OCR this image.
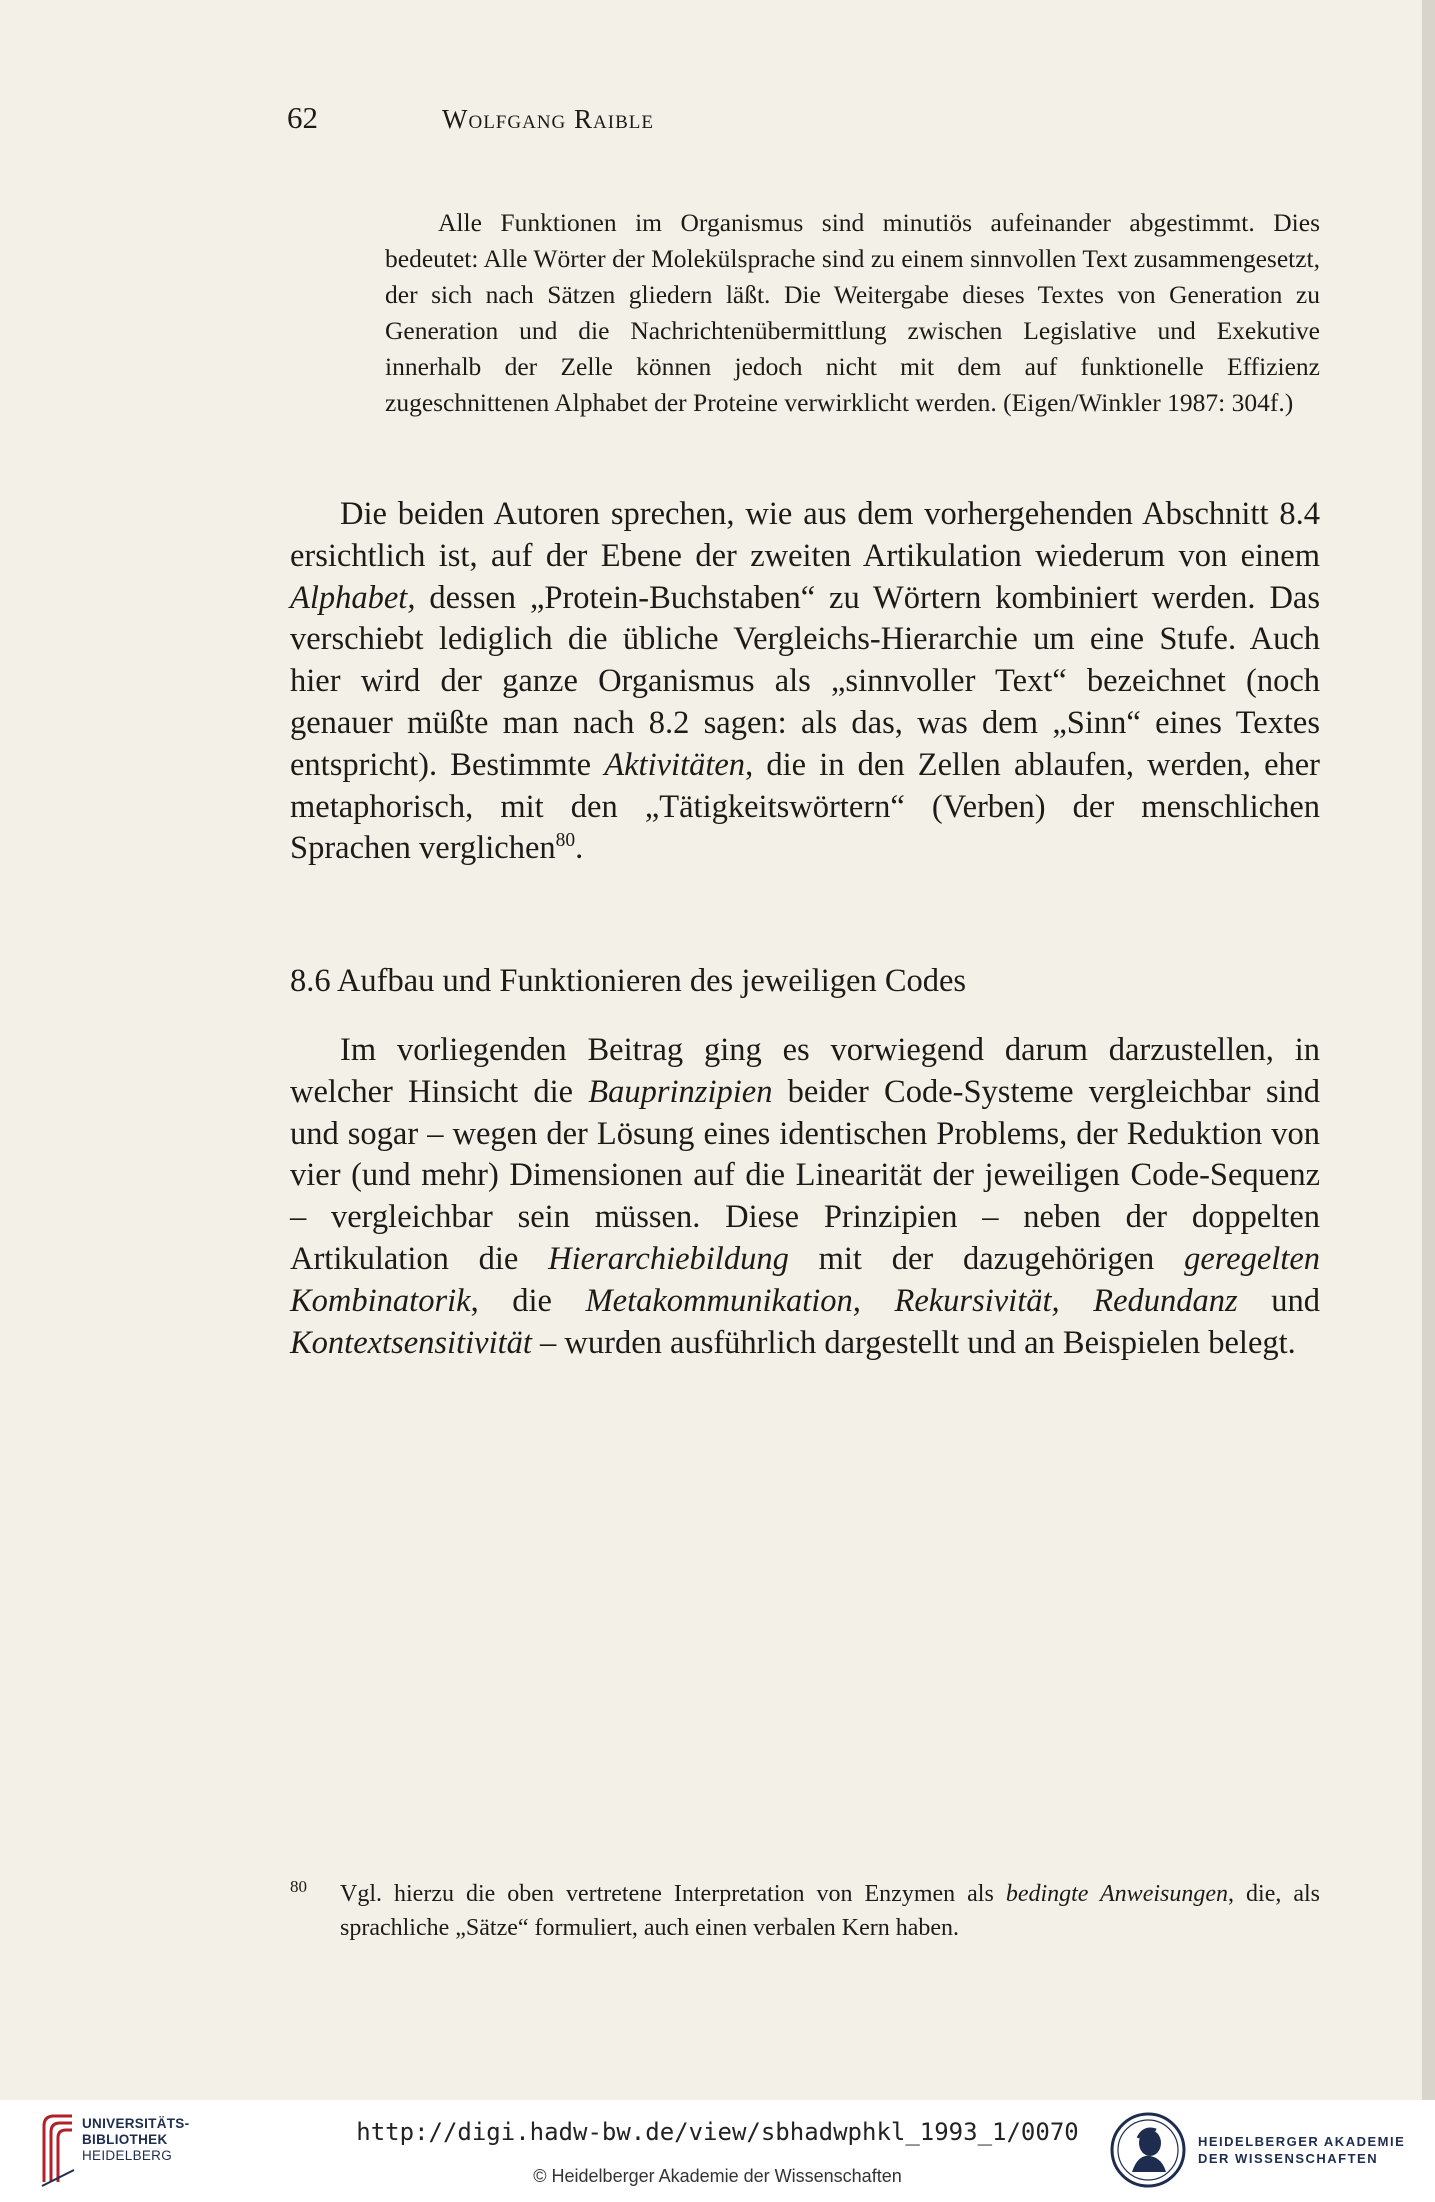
62	Wolfgang Raible
Alle Funktionen im Organismus sind minutiös aufeinander abgestimmt. Dies bedeutet: Alle Wörter der Molekülsprache sind zu einem sinnvollen Text zusammengesetzt, der sich nach Sätzen gliedern läßt. Die Weitergabe dieses Textes von Generation zu Generation und die Nachrichtenübermittlung zwischen Legislative und Exekutive innerhalb der Zelle können jedoch nicht mit dem auf funktionelle Effizienz zugeschnittenen Alphabet der Proteine verwirklicht werden. (Eigen/Winkler 1987: 304f.)
Die beiden Autoren sprechen, wie aus dem vorhergehenden Abschnitt 8.4 ersichtlich ist, auf der Ebene der zweiten Artikulation wiederum von einem Alphabet, dessen „Protein-Buchstaben“ zu Wörtern kombiniert werden. Das verschiebt lediglich die übliche Vergleichs-Hierarchie um eine Stufe. Auch hier wird der ganze Organismus als „sinnvoller Text“ bezeichnet (noch genauer müßte man nach 8.2 sagen: als das, was dem „Sinn“ eines Textes entspricht). Bestimmte Aktivitäten, die in den Zellen ablaufen, werden, eher metaphorisch, mit den „Tätigkeitswörtern“ (Verben) der menschlichen Sprachen verglichen$^{80}$.
8.6 Aufbau und Funktionieren des jeweiligen Codes
Im vorliegenden Beitrag ging es vorwiegend darum darzustellen, in welcher Hinsicht die Bauprinzipien beider Code-Systeme vergleichbar sind und sogar – wegen der Lösung eines identischen Problems, der Reduktion von vier (und mehr) Dimensionen auf die Linearität der jeweiligen Code-Sequenz – vergleichbar sein müssen. Diese Prinzipien – neben der doppelten Artikulation die Hierarchiebildung mit der dazugehörigen geregelten Kombinatorik, die Metakommunikation, Rekursivität, Redundanz und Kontextsensitivität – wurden ausführlich dargestellt und an Beispielen belegt.
80 Vgl. hierzu die oben vertretene Interpretation von Enzymen als bedingte Anweisungen, die, als sprachliche „Sätze“ formuliert, auch einen verbalen Kern haben.
UNIVERSITÄTS-
BIBLIOTHEK
HEIDELBERG
http://digi.hadw-bw.de/view/sbhadwphkl_1993_1/0070
© Heidelberger Akademie der Wissenschaften
HEIDELBERGER AKADEMIE
DER WISSENSCHAFTEN
